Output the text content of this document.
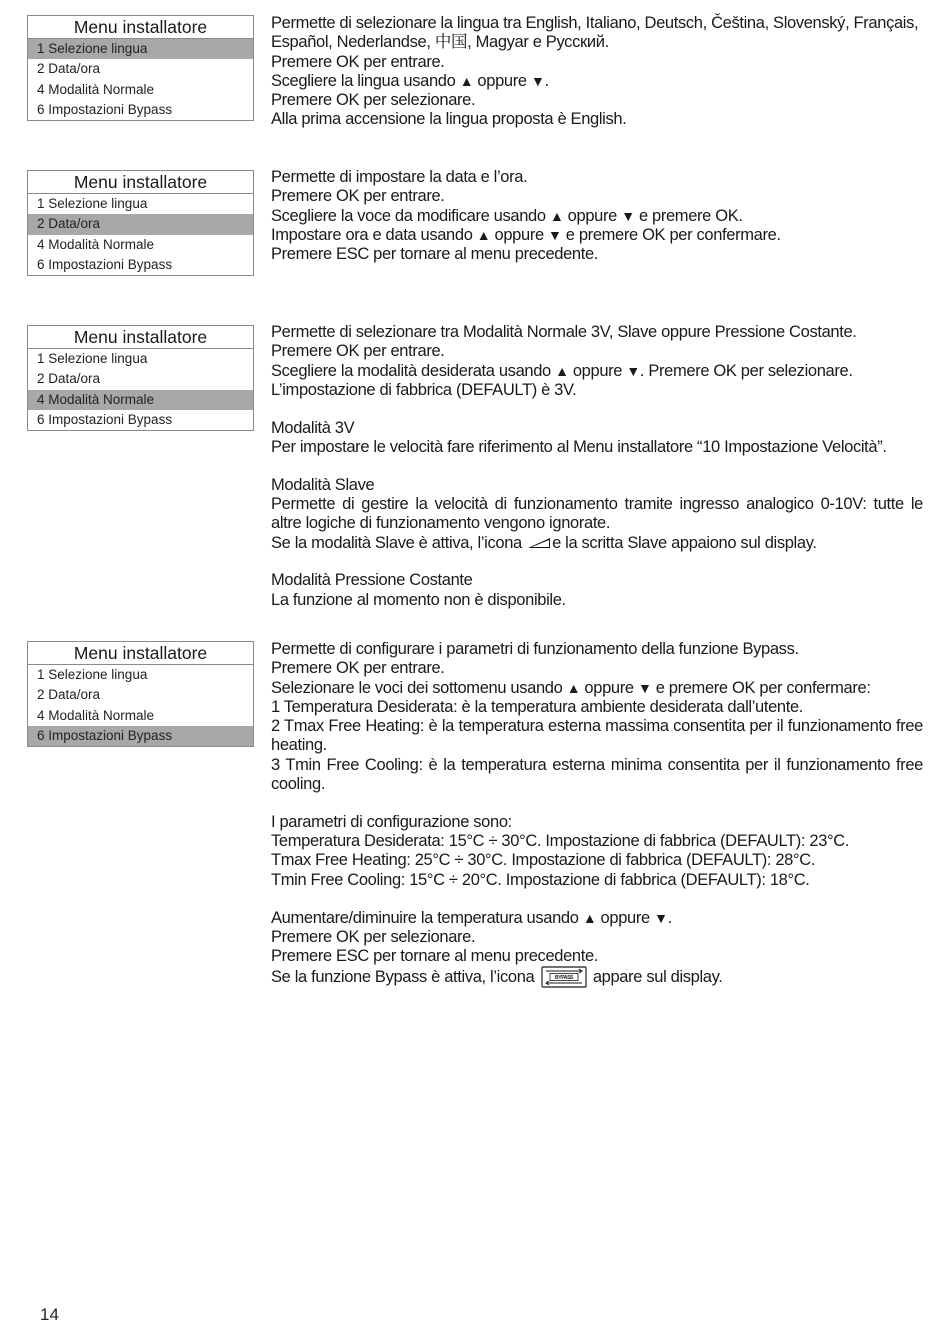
Menu installatore
1 Selezione lingua
2 Data/ora
4 Modalità Normale
6 Impostazioni Bypass

Permette di selezionare la lingua tra English, Italiano, Deutsch, Čeština, Slovenský, Français,

Español, Nederlandse, 中国, Magyar e Русский.

Premere OK per entrare.

Scegliere la lingua usando ▲ oppure ▼.

Premere OK per selezionare.

Alla prima accensione la lingua proposta è English.

Menu installatore
1 Selezione lingua
2 Data/ora
4 Modalità Normale
6 Impostazioni Bypass

Permette di impostare la data e l’ora.

Premere OK per entrare.

Scegliere la voce da modificare usando ▲ oppure ▼ e premere OK.

Impostare ora e data usando ▲ oppure ▼ e premere OK per confermare.

Premere ESC per tornare al menu precedente.

Menu installatore
1 Selezione lingua
2 Data/ora
4 Modalità Normale
6 Impostazioni Bypass

Permette di selezionare tra Modalità Normale 3V, Slave oppure Pressione Costante.

Premere OK per entrare.

Scegliere la modalità desiderata usando ▲ oppure ▼. Premere OK per selezionare.

L’impostazione di fabbrica (DEFAULT) è 3V.

Modalità 3V

Per impostare le velocità fare riferimento al Menu installatore “10 Impostazione Velocità”.

Modalità Slave

Permette di gestire la velocità di funzionamento tramite ingresso analogico 0-10V: tutte le altre logiche di funzionamento vengono ignorate.

Se la modalità Slave è attiva, l’icona e la scritta Slave appaiono sul display.

Modalità Pressione Costante

La funzione al momento non è disponibile.

Menu installatore
1 Selezione lingua
2 Data/ora
4 Modalità Normale
6 Impostazioni Bypass

Permette di configurare i parametri di funzionamento della funzione Bypass.

Premere OK per entrare.

Selezionare le voci dei sottomenu usando ▲ oppure ▼ e premere OK per confermare:

1 Temperatura Desiderata: è la temperatura ambiente desiderata dall’utente.

2 Tmax Free Heating: è la temperatura esterna massima consentita per il funzionamento free heating.

3 Tmin Free Cooling: è la temperatura esterna minima consentita per il funzionamento free cooling.

I parametri di configurazione sono:

Temperatura Desiderata: 15°C ÷ 30°C. Impostazione di fabbrica (DEFAULT): 23°C.

Tmax Free Heating: 25°C ÷ 30°C. Impostazione di fabbrica (DEFAULT): 28°C.

Tmin Free Cooling: 15°C ÷ 20°C. Impostazione di fabbrica (DEFAULT): 18°C.

Aumentare/diminuire la temperatura usando ▲ oppure ▼.

Premere OK per selezionare.

Premere ESC per tornare al menu precedente.

Se la funzione Bypass è attiva, l’icona	BYPASS appare sul display.

14
